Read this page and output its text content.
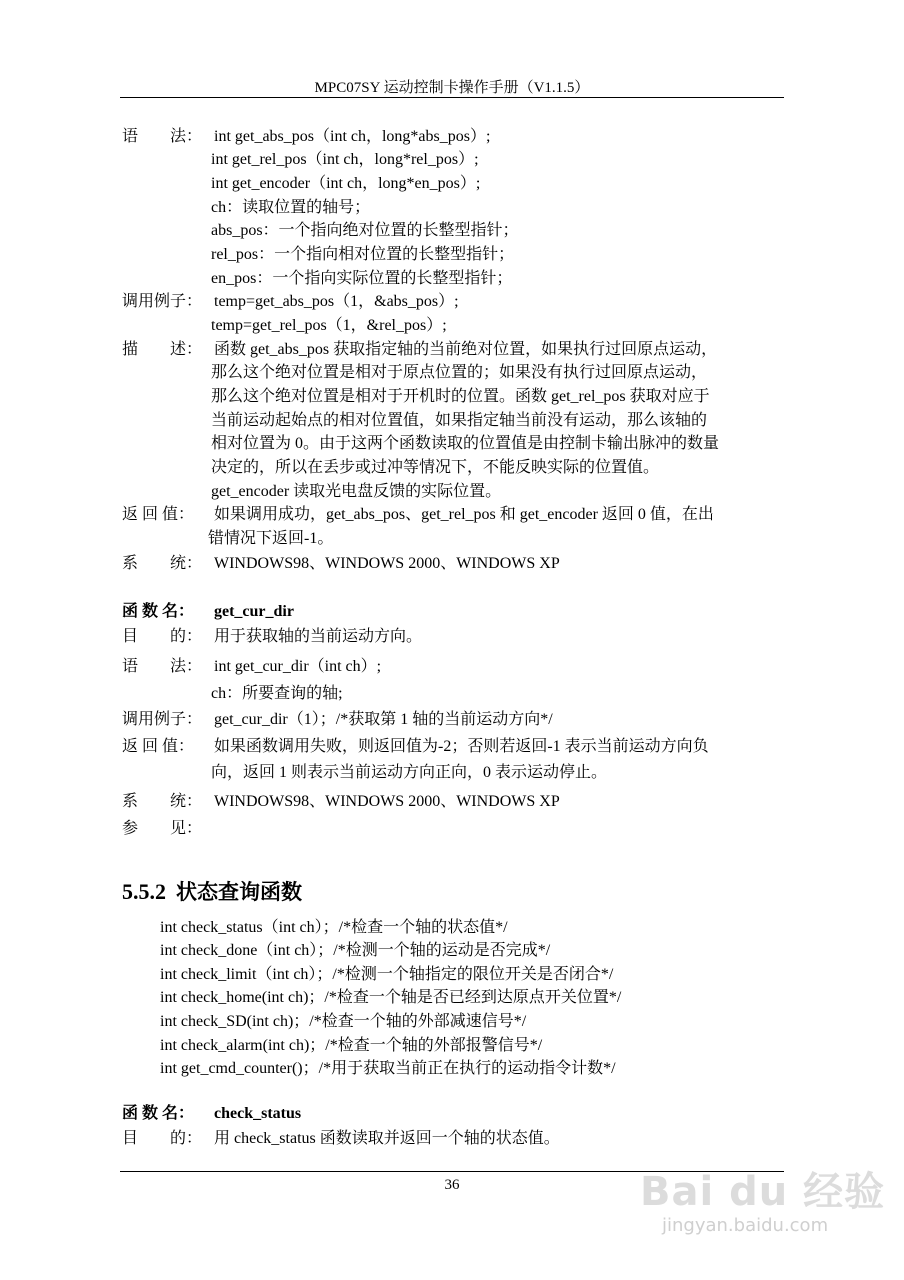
MPC07SY 运动控制卡操作手册（V1.1.5）
语　　法： int get_abs_pos（int ch，long*abs_pos）;
int get_rel_pos（int ch，long*rel_pos）;
int get_encoder（int ch，long*en_pos）;
ch：读取位置的轴号；
abs_pos：一个指向绝对位置的长整型指针；
rel_pos：一个指向相对位置的长整型指针；
en_pos：一个指向实际位置的长整型指针；
调用例子： temp=get_abs_pos（1，&abs_pos）;
temp=get_rel_pos（1，&rel_pos）;
描　　述： 函数 get_abs_pos 获取指定轴的当前绝对位置，如果执行过回原点运动，
那么这个绝对位置是相对于原点位置的；如果没有执行过回原点运动，
那么这个绝对位置是相对于开机时的位置。函数 get_rel_pos 获取对应于
当前运动起始点的相对位置值，如果指定轴当前没有运动，那么该轴的
相对位置为 0。由于这两个函数读取的位置值是由控制卡输出脉冲的数量
决定的，所以在丢步或过冲等情况下，不能反映实际的位置值。
get_encoder 读取光电盘反馈的实际位置。
返 回 值： 如果调用成功，get_abs_pos、get_rel_pos 和 get_encoder 返回 0 值，在出
错情况下返回-1。
系　　统： WINDOWS98、WINDOWS 2000、WINDOWS XP
函 数 名： get_cur_dir
目　　的： 用于获取轴的当前运动方向。
语　　法： int get_cur_dir（int ch）;
ch：所要查询的轴;
调用例子： get_cur_dir（1）；/*获取第 1 轴的当前运动方向*/
返 回 值： 如果函数调用失败，则返回值为-2；否则若返回-1 表示当前运动方向负
向，返回 1 则表示当前运动方向正向，0 表示运动停止。
系　　统： WINDOWS98、WINDOWS 2000、WINDOWS XP
参　　见：
5.5.2 状态查询函数
int check_status（int ch）；/*检查一个轴的状态值*/
int check_done（int ch）；/*检测一个轴的运动是否完成*/
int check_limit（int ch）；/*检测一个轴指定的限位开关是否闭合*/
int check_home(int ch)；/*检查一个轴是否已经到达原点开关位置*/
int check_SD(int ch)；/*检查一个轴的外部减速信号*/
int check_alarm(int ch)；/*检查一个轴的外部报警信号*/
int get_cmd_counter()；/*用于获取当前正在执行的运动指令计数*/
函 数 名： check_status
目　　的： 用 check_status 函数读取并返回一个轴的状态值。
36	Bai du 经验
jingyan.baidu.com
